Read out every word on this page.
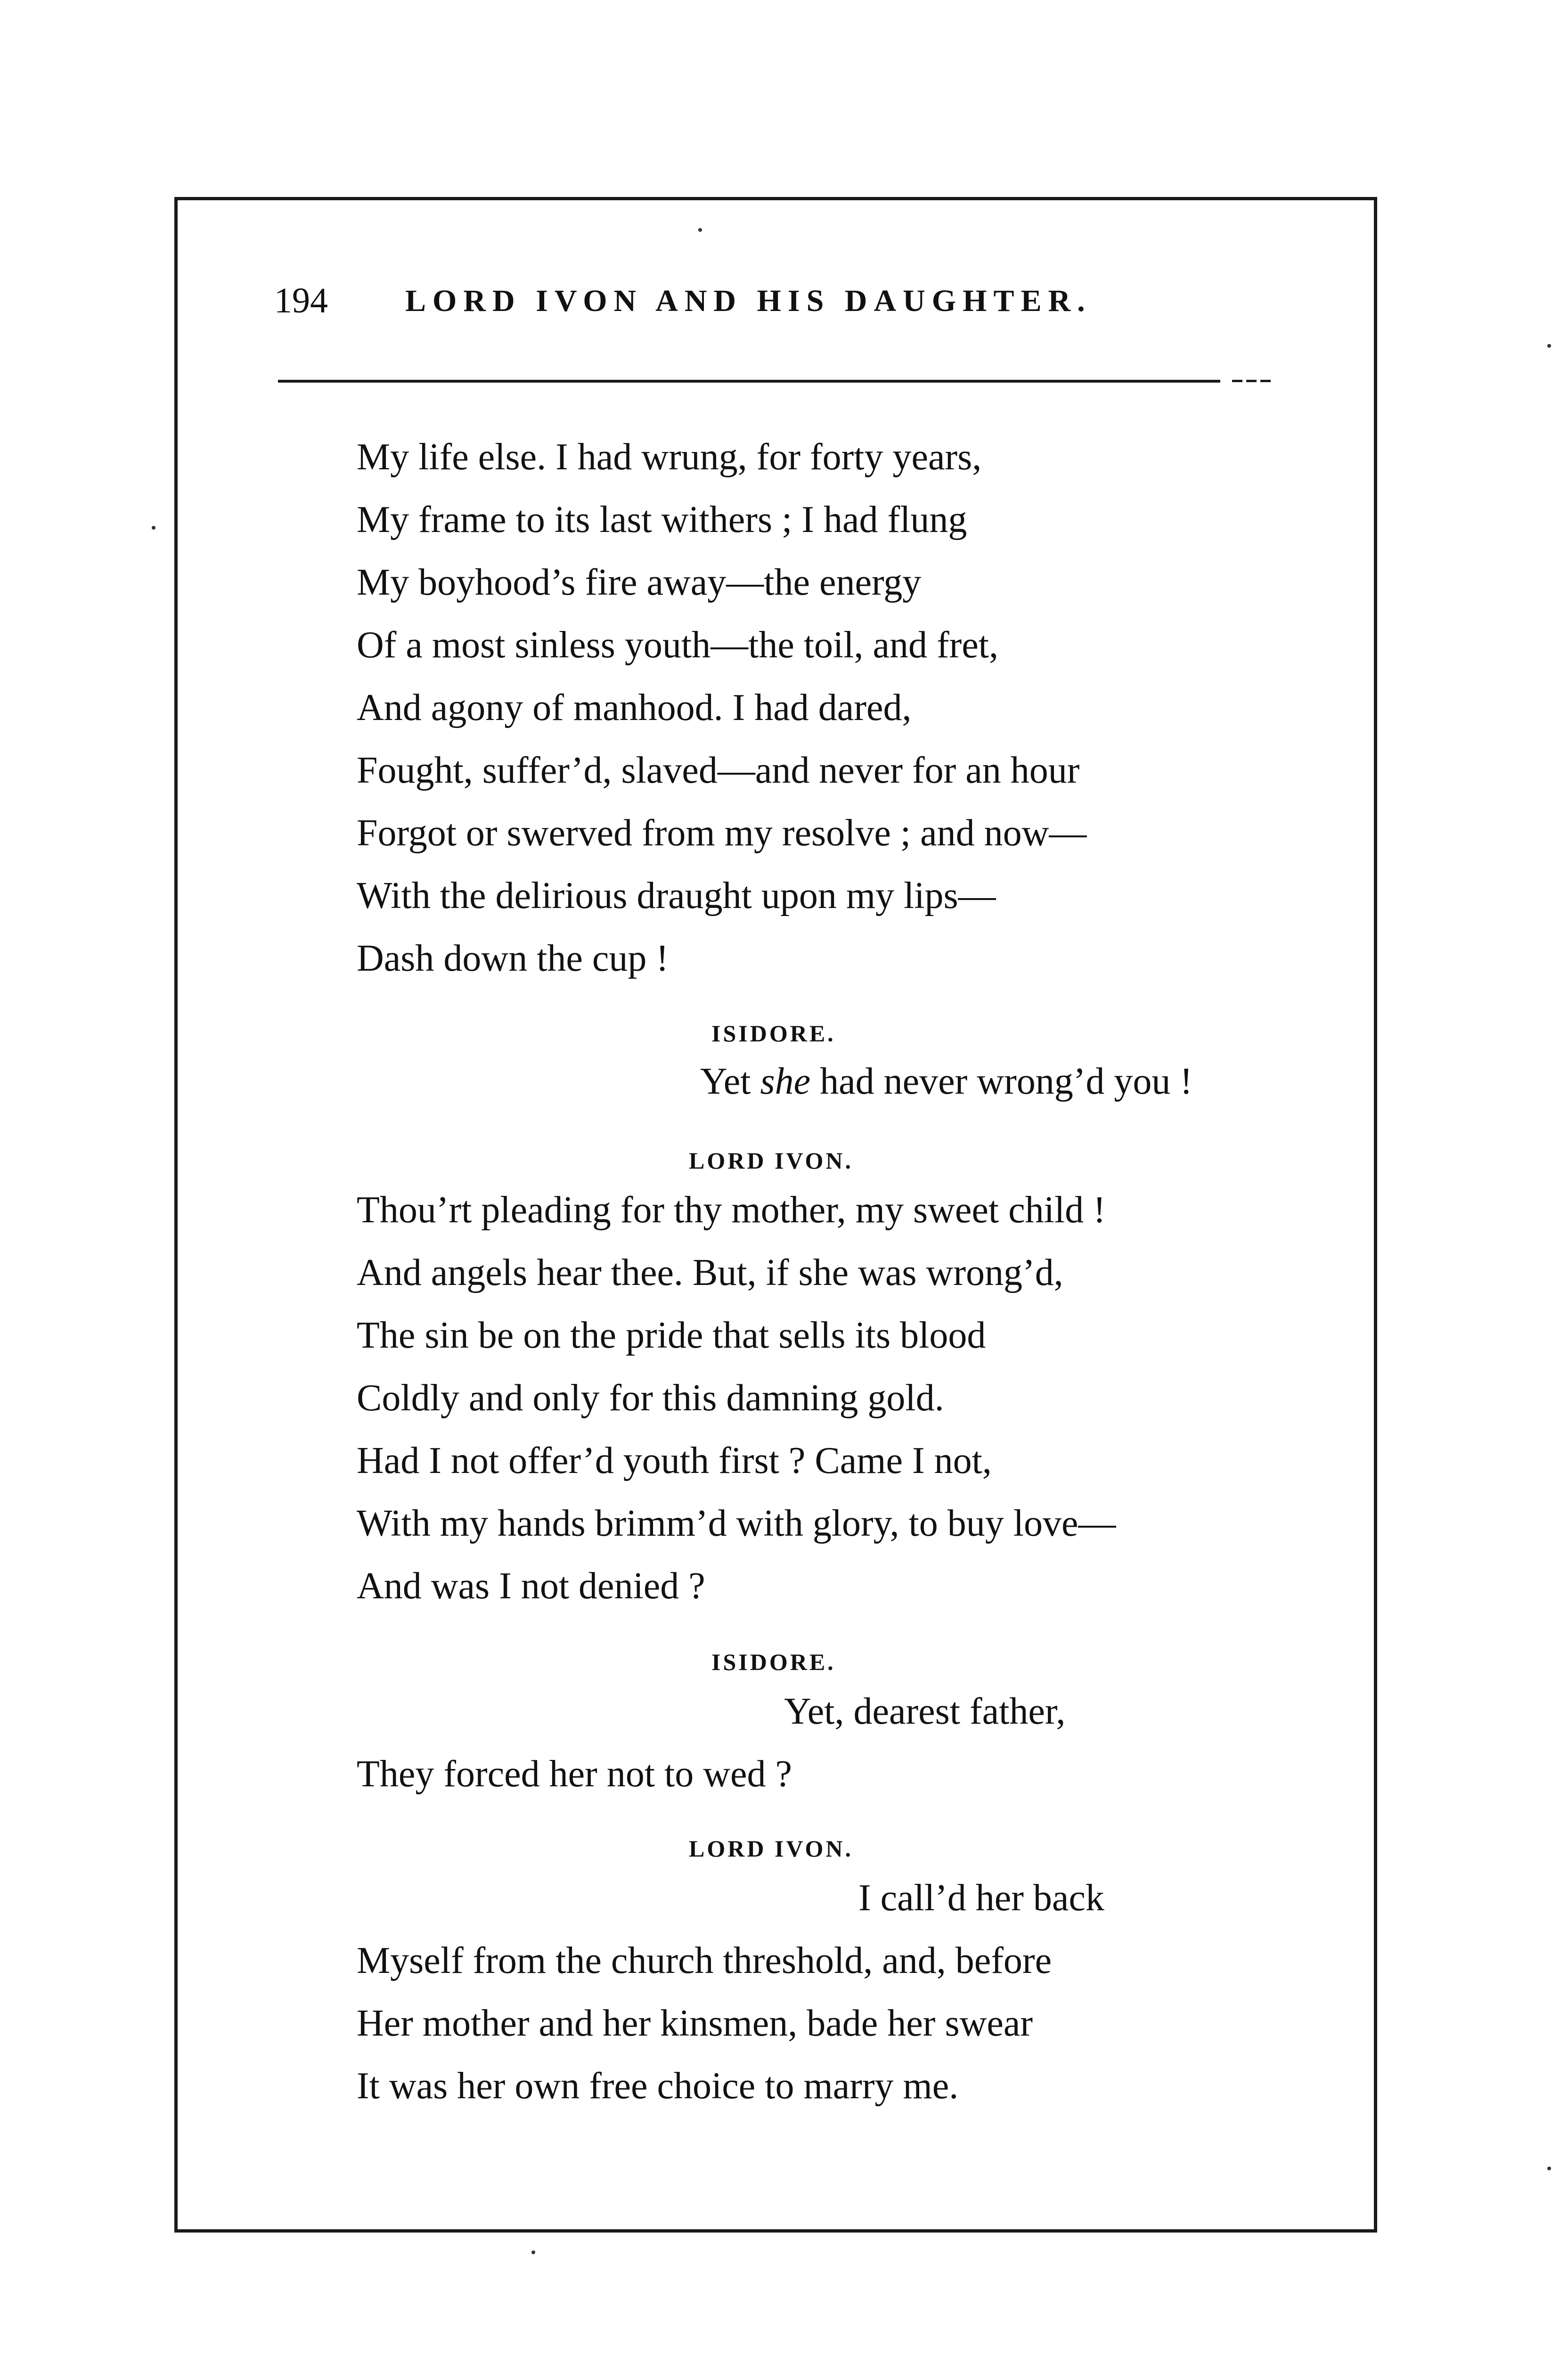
194 LORD IVON AND HIS DAUGHTER.
My life else. I had wrung, for forty years,
My frame to its last withers ; I had flung
My boyhood’s fire away—the energy
Of a most sinless youth—the toil, and fret,
And agony of manhood. I had dared,
Fought, suffer’d, slaved—and never for an hour
Forgot or swerved from my resolve ; and now—
With the delirious draught upon my lips—
Dash down the cup !
ISIDORE.
Yet she had never wrong’d you !
LORD IVON.
Thou’rt pleading for thy mother, my sweet child !
And angels hear thee. But, if she was wrong’d,
The sin be on the pride that sells its blood
Coldly and only for this damning gold.
Had I not offer’d youth first ? Came I not,
With my hands brimm’d with glory, to buy love—
And was I not denied ?
ISIDORE.
Yet, dearest father,
They forced her not to wed ?
LORD IVON.
I call’d her back
Myself from the church threshold, and, before
Her mother and her kinsmen, bade her swear
It was her own free choice to marry me.
